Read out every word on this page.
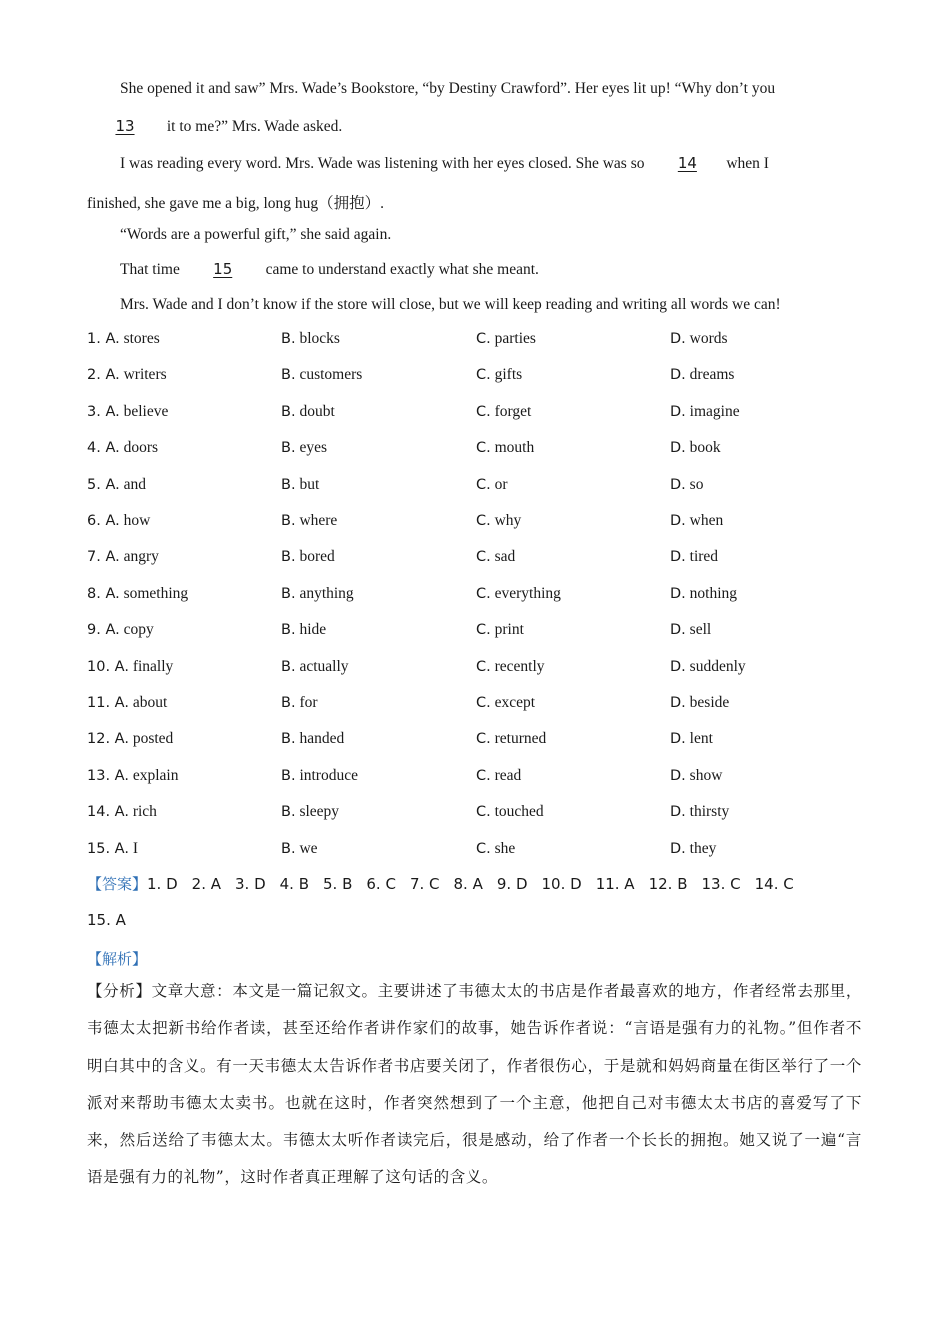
She opened it and saw” Mrs. Wade’s Bookstore, “by Destiny Crawford”. Her eyes lit up! “Why don’t you
13 it to me?” Mrs. Wade asked.
I was reading every word. Mrs. Wade was listening with her eyes closed. She was so 14 when I
finished, she gave me a big, long hug（拥抱）.
“Words are a powerful gift,” she said again.
That time 15 came to understand exactly what she meant.
Mrs. Wade and I don’t know if the store will close, but we will keep reading and writing all words we can!
1. A. stores	B. blocks	C. parties	D. words
2. A. writers	B. customers	C. gifts	D. dreams
3. A. believe	B. doubt	C. forget	D. imagine
4. A. doors	B. eyes	C. mouth	D. book
5. A. and	B. but	C. or	D. so
6. A. how	B. where	C. why	D. when
7. A. angry	B. bored	C. sad	D. tired
8. A. something	B. anything	C. everything	D. nothing
9. A. copy	B. hide	C. print	D. sell
10. A. finally	B. actually	C. recently	D. suddenly
11. A. about	B. for	C. except	D. beside
12. A. posted	B. handed	C. returned	D. lent
13. A. explain	B. introduce	C. read	D. show
14. A. rich	B. sleepy	C. touched	D. thirsty
15. A. I	B. we	C. she	D. they
【答案】1. D 2. A 3. D 4. B 5. B 6. C 7. C 8. A 9. D 10. D 11. A 12. B 13. C 14. C
15. A
【解析】
【分析】文章大意：本文是一篇记叙文。主要讲述了韦德太太的书店是作者最喜欢的地方，作者经常去那里，韦德太太把新书给作者读，甚至还给作者讲作家们的故事，她告诉作者说：“言语是强有力的礼物。”但作者不明白其中的含义。有一天韦德太太告诉作者书店要关闭了，作者很伤心，于是就和妈妈商量在街区举行了一个派对来帮助韦德太太卖书。也就在这时，作者突然想到了一个主意，他把自己对韦德太太书店的喜爱写了下来，然后送给了韦德太太。韦德太太听作者读完后，很是感动，给了作者一个长长的拥抱。她又说了一遍“言语是强有力的礼物”，这时作者真正理解了这句话的含义。
